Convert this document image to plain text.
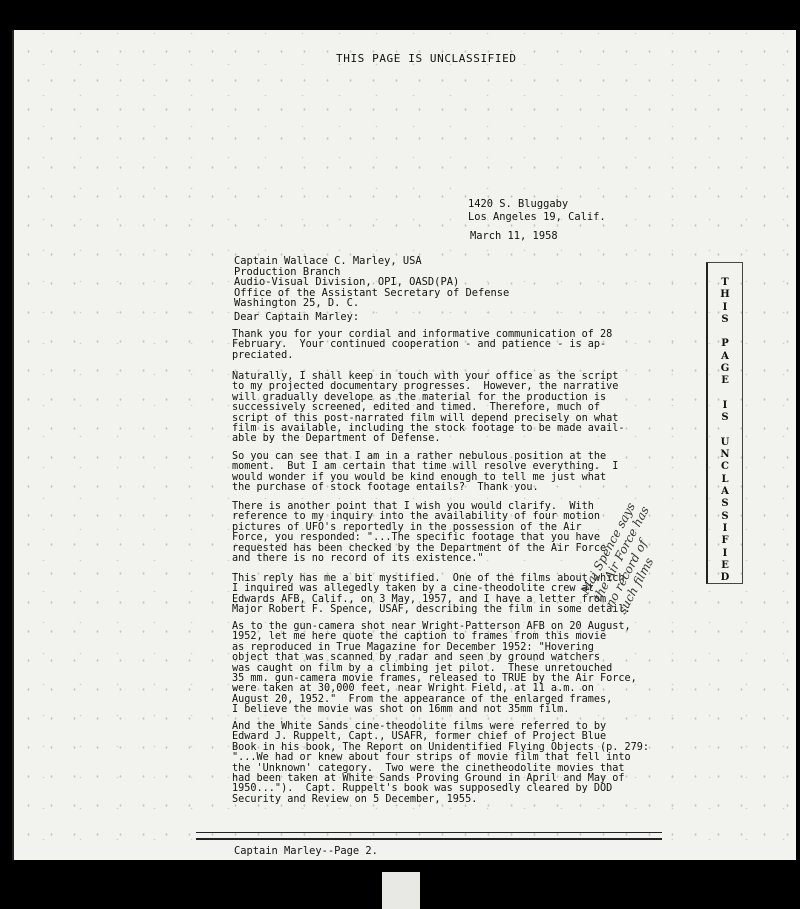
THIS PAGE IS UNCLASSIFIED
1420 S. Bluggaby
Los Angeles 19, Calif.
March 11, 1958
Captain Wallace C. Marley, USA
Production Branch
Audio-Visual Division, OPI, OASD(PA)
Office of the Assistant Secretary of Defense
Washington 25, D. C.
Dear Captain Marley:

Thank you for your cordial and informative communication of 28
February.  Your continued cooperation - and patience - is ap-
preciated.

Naturally, I shall keep in touch with your office as the script
to my projected documentary progresses.  However, the narrative
will gradually develope as the material for the production is
successively screened, edited and timed.  Therefore, much of
script of this post-narrated film will depend precisely on what
film is available, including the stock footage to be made avail-
able by the Department of Defense.

So you can see that I am in a rather nebulous position at the
moment.  But I am certain that time will resolve everything.  I
would wonder if you would be kind enough to tell me just what
the purchase of stock footage entails?  Thank you.

There is another point that I wish you would clarify.  With
reference to my inquiry into the availability of four motion
pictures of UFO's reportedly in the possession of the Air
Force, you responded: "...The specific footage that you have
requested has been checked by the Department of the Air Force
and there is no record of its existence."

This reply has me a bit mystified.  One of the films about which
I inquired was allegedly taken by a cine-theodolite crew at
Edwards AFB, Calif., on 3 May, 1957, and I have a letter from
Major Robert F. Spence, USAF, describing the film in some detail.

As to the gun-camera shot near Wright-Patterson AFB on 20 August,
1952, let me here quote the caption to frames from this movie
as reproduced in True Magazine for December 1952: "Hovering
object that was scanned by radar and seen by ground watchers
was caught on film by a climbing jet pilot.  These unretouched
35 mm. gun-camera movie frames, released to TRUE by the Air Force,
were taken at 30,000 feet, near Wright Field, at 11 a.m. on
August 20, 1952."  From the appearance of the enlarged frames,
I believe the movie was shot on 16mm and not 35mm film.

And the White Sands cine-theodolite films were referred to by
Edward J. Ruppelt, Capt., USAFR, former chief of Project Blue
Book in his book, The Report on Unidentified Flying Objects (p. 279:
"...We had or knew about four strips of movie film that fell into
the 'Unknown' category.  Two were the cinetheodolite movies that
had been taken at White Sands Proving Ground in April and May of
1950...").  Capt. Ruppelt's book was supposedly cleared by DOD
Security and Review on 5 December, 1955.

T
H
I
S

P
A
G
E

I
S

U
N
C
L
A
S
S
I
F
I
E
D
Maj Spence says
the Air Force has
no record of
such films
Captain Marley--Page 2.
